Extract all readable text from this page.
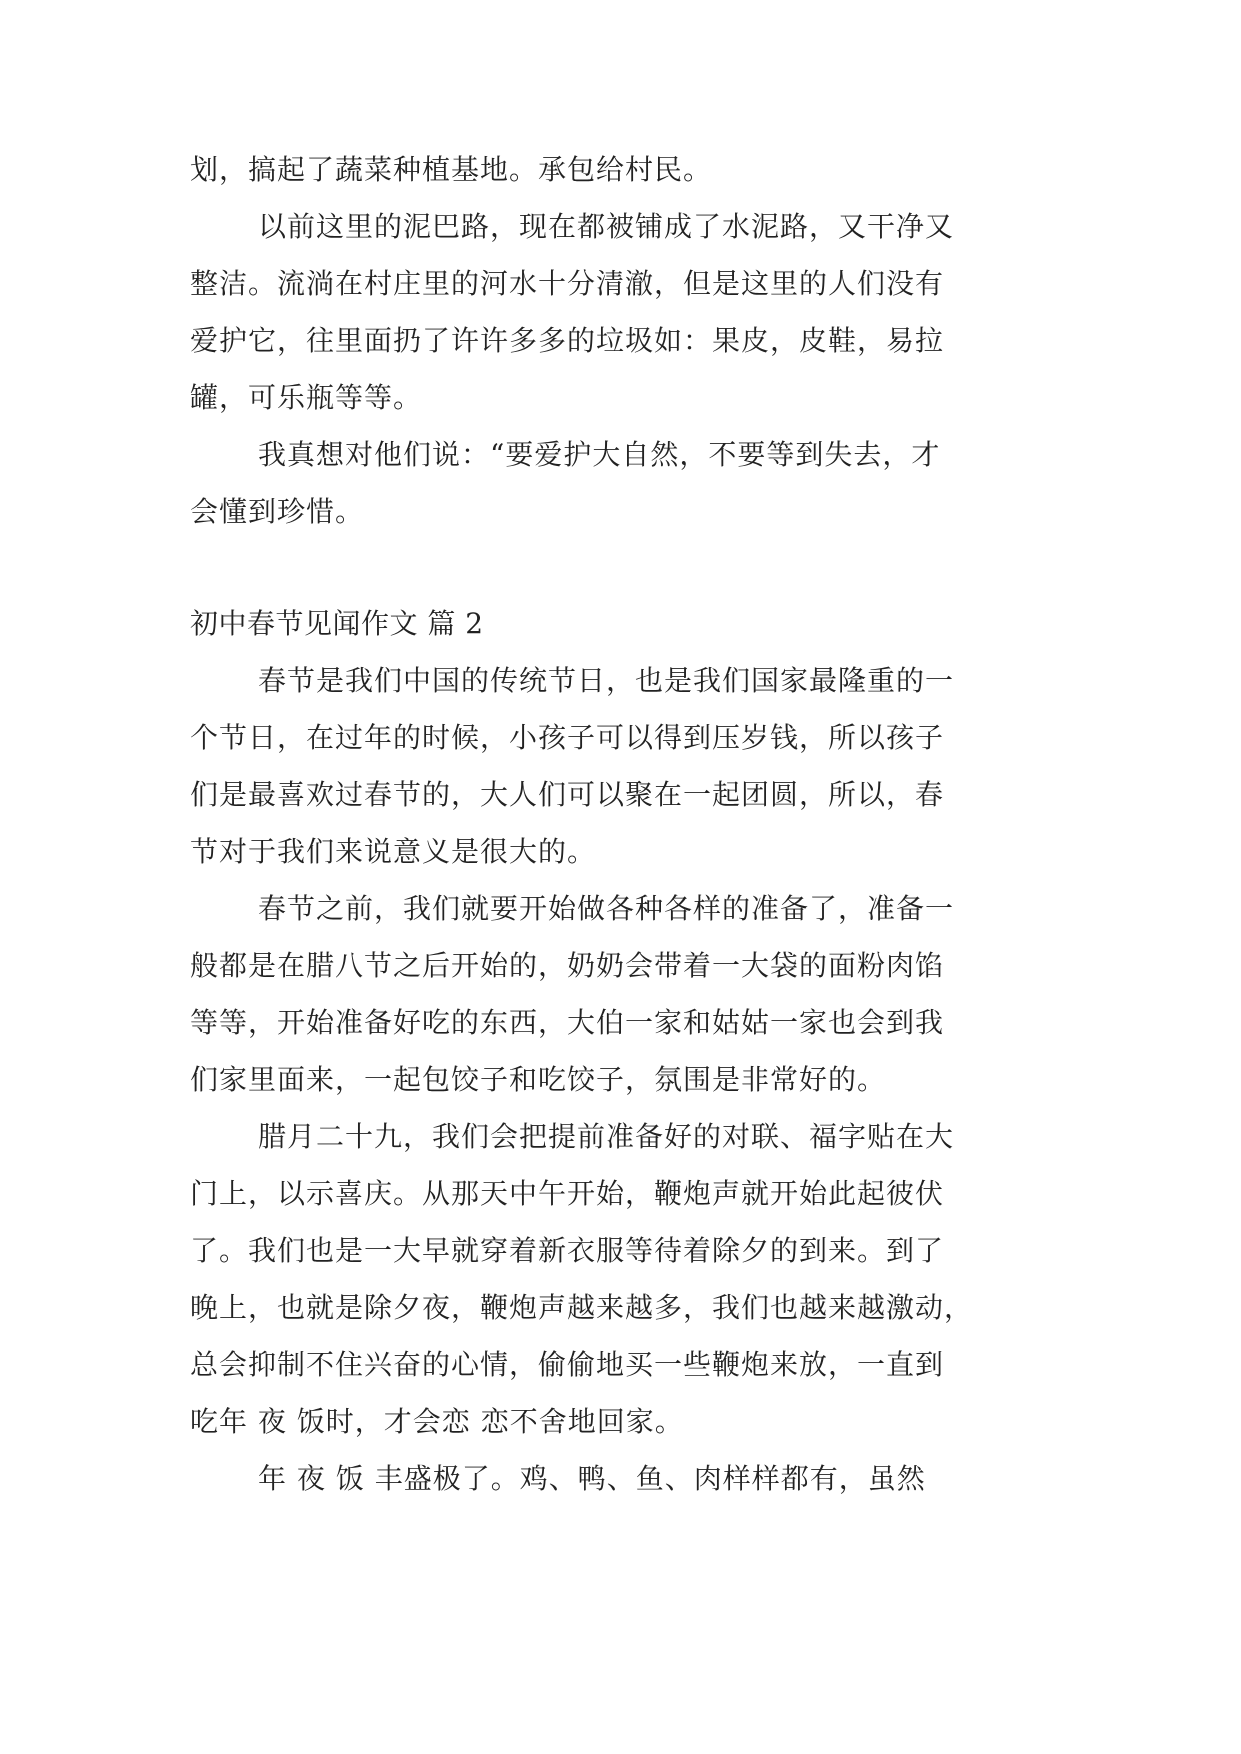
划，搞起了蔬菜种植基地。承包给村民。
以前这里的泥巴路，现在都被铺成了水泥路，又干净又
整洁。流淌在村庄里的河水十分清澈，但是这里的人们没有
爱护它，往里面扔了许许多多的垃圾如：果皮，皮鞋，易拉
罐，可乐瓶等等。
我真想对他们说：“要爱护大自然，不要等到失去，才
会懂到珍惜。
初中春节见闻作文 篇 2
春节是我们中国的传统节日，也是我们国家最隆重的一
个节日，在过年的时候，小孩子可以得到压岁钱，所以孩子
们是最喜欢过春节的，大人们可以聚在一起团圆，所以，春
节对于我们来说意义是很大的。
春节之前，我们就要开始做各种各样的准备了，准备一
般都是在腊八节之后开始的，奶奶会带着一大袋的面粉肉馅
等等，开始准备好吃的东西，大伯一家和姑姑一家也会到我
们家里面来，一起包饺子和吃饺子，氛围是非常好的。
腊月二十九，我们会把提前准备好的对联、福字贴在大
门上，以示喜庆。从那天中午开始，鞭炮声就开始此起彼伏
了。我们也是一大早就穿着新衣服等待着除夕的到来。到了
晚上，也就是除夕夜，鞭炮声越来越多，我们也越来越激动，
总会抑制不住兴奋的心情，偷偷地买一些鞭炮来放，一直到
吃年 夜 饭时，才会恋 恋不舍地回家。
年 夜 饭 丰盛极了。鸡、鸭、鱼、肉样样都有，虽然
